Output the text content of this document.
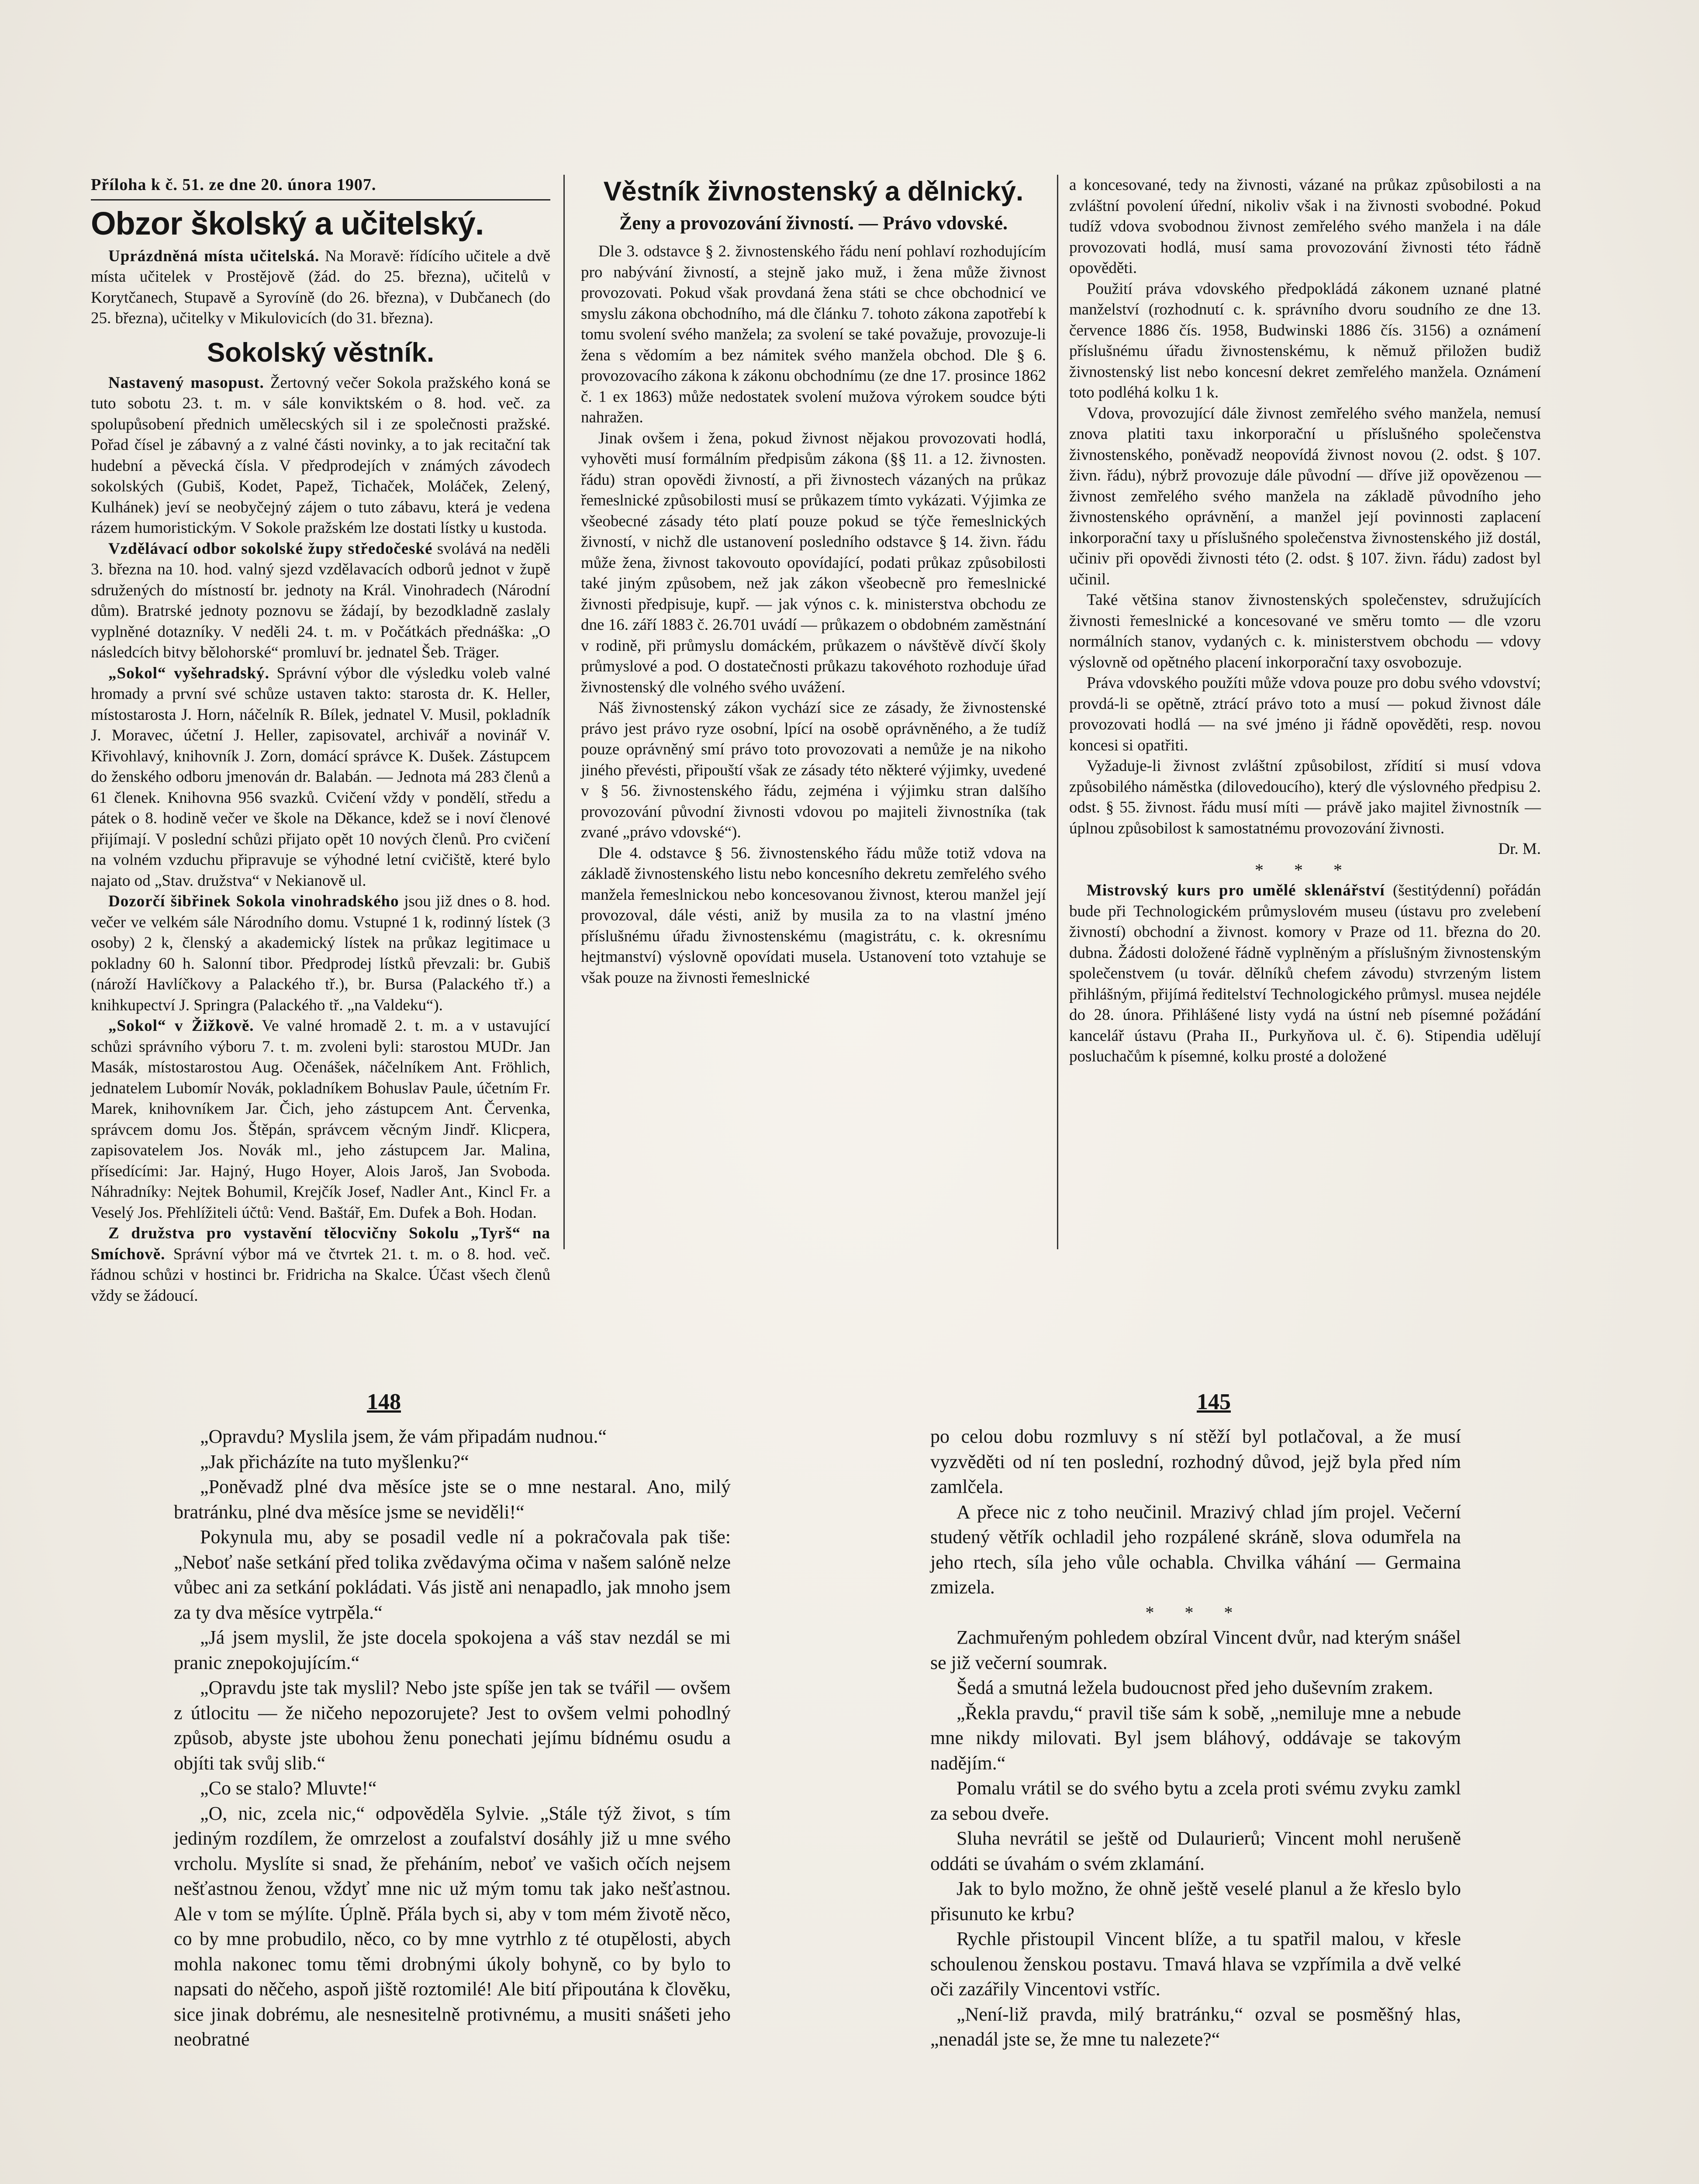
Příloha k č. 51. ze dne 20. února 1907.

Obzor školský a učitelský.

Uprázdněná místa učitelská. Na Moravě: řídícího učitele a dvě místa učitelek v Prostějově (žád. do 25. března), učitelů v Korytčanech, Stupavě a Syrovíně (do 26. března), v Dubčanech (do 25. března), učitelky v Mikulovicích (do 31. března).

Sokolský věstník.

Nastavený masopust. Žertovný večer Sokola pražského koná se tuto sobotu 23. t. m. v sále konviktském o 8. hod. več. za spolupůsobení přednich umělecských sil i ze společnosti pražské. Pořad čísel je zábavný a z valné části novinky, a to jak recitační tak hudební a pěvecká čísla. V předprodejích v známých závodech sokolských (Gubiš, Kodet, Papež, Tichaček, Moláček, Zelený, Kulhánek) jeví se neobyčejný zájem o tuto zábavu, která je vedena rázem humoristickým. V Sokole pražském lze dostati lístky u kustoda.

Vzdělávací odbor sokolské župy středočeské svolává na neděli 3. března na 10. hod. valný sjezd vzdělavacích odborů jednot v župě sdružených do místností br. jednoty na Král. Vinohradech (Národní dům). Bratrské jednoty poznovu se žádají, by bezodkladně zaslaly vyplněné dotazníky. V neděli 24. t. m. v Počátkách přednáška: „O následcích bitvy bělohorské“ promluví br. jednatel Šeb. Träger.

„Sokol“ vyšehradský. Správní výbor dle výsledku voleb valné hromady a první své schůze ustaven takto: starosta dr. K. Heller, místostarosta J. Horn, náčelník R. Bílek, jednatel V. Musil, pokladník J. Moravec, účetní J. Heller, zapisovatel, archivář a novinář V. Křivohlavý, knihovník J. Zorn, domácí správce K. Dušek. Zástupcem do ženského odboru jmenován dr. Balabán. — Jednota má 283 členů a 61 členek. Knihovna 956 svazků. Cvičení vždy v pondělí, středu a pátek o 8. hodině večer ve škole na Děkance, kdež se i noví členové přijímají. V poslední schůzi přijato opět 10 nových členů. Pro cvičení na volném vzduchu připravuje se výhodné letní cvičiště, které bylo najato od „Stav. družstva“ v Nekianově ul.

Dozorčí šibřinek Sokola vinohradského jsou již dnes o 8. hod. večer ve velkém sále Národního domu. Vstupné 1 k, rodinný lístek (3 osoby) 2 k, členský a akademický lístek na průkaz legitimace u pokladny 60 h. Salonní tibor. Předprodej lístků převzali: br. Gubiš (nároží Havlíčkovy a Palackého tř.), br. Bursa (Palackého tř.) a knihkupectví J. Springra (Palackého tř. „na Valdeku“).

„Sokol“ v Žižkově. Ve valné hromadě 2. t. m. a v ustavující schůzi správního výboru 7. t. m. zvoleni byli: starostou MUDr. Jan Masák, místostarostou Aug. Očenášek, náčelníkem Ant. Fröhlich, jednatelem Lubomír Novák, pokladníkem Bohuslav Paule, účetním Fr. Marek, knihovníkem Jar. Čich, jeho zástupcem Ant. Červenka, správcem domu Jos. Štěpán, správcem věcným Jindř. Klicpera, zapisovatelem Jos. Novák ml., jeho zástupcem Jar. Malina, přísedícími: Jar. Hajný, Hugo Hoyer, Alois Jaroš, Jan Svoboda. Náhradníky: Nejtek Bohumil, Krejčík Josef, Nadler Ant., Kincl Fr. a Veselý Jos. Přehlížiteli účtů: Vend. Baštář, Em. Dufek a Boh. Hodan.

Z družstva pro vystavění tělocvičny Sokolu „Tyrš“ na Smíchově. Správní výbor má ve čtvrtek 21. t. m. o 8. hod. več. řádnou schůzi v hostinci br. Fridricha na Skalce. Účast všech členů vždy se žádoucí.

Věstník živnostenský a dělnický.
Ženy a provozování živností. — Právo vdovské.

Dle 3. odstavce § 2. živnostenského řádu není pohlaví rozhodujícím pro nabývání živností, a stejně jako muž, i žena může živnost provozovati. Pokud však provdaná žena státi se chce obchodnicí ve smyslu zákona obchodního, má dle článku 7. tohoto zákona zapotřebí k tomu svolení svého manžela; za svolení se také považuje, provozuje-li žena s vědomím a bez námitek svého manžela obchod. Dle § 6. provozovacího zákona k zákonu obchodnímu (ze dne 17. prosince 1862 č. 1 ex 1863) může nedostatek svolení mužova výrokem soudce býti nahražen.

Jinak ovšem i žena, pokud živnost nějakou provozovati hodlá, vyhověti musí formálním předpisům zákona (§§ 11. a 12. živnosten. řádu) stran opovědi živností, a při živnostech vázaných na průkaz řemeslnické způsobilosti musí se průkazem tímto vykázati. Výjimka ze všeobecné zásady této platí pouze pokud se týče řemeslnických živností, v nichž dle ustanovení posledního odstavce § 14. živn. řádu může žena, živnost takovouto opovídající, podati průkaz způsobilosti také jiným způsobem, než jak zákon všeobecně pro řemeslnické živnosti předpisuje, kupř. — jak výnos c. k. ministerstva obchodu ze dne 16. září 1883 č. 26.701 uvádí — průkazem o obdobném zaměstnání v rodině, při průmyslu domáckém, průkazem o návštěvě dívčí školy průmyslové a pod. O dostatečnosti průkazu takovéhoto rozhoduje úřad živnostenský dle volného svého uvážení.

Náš živnostenský zákon vychází sice ze zásady, že živnostenské právo jest právo ryze osobní, lpící na osobě oprávněného, a že tudíž pouze oprávněný smí právo toto provozovati a nemůže je na nikoho jiného převésti, připouští však ze zásady této některé výjimky, uvedené v § 56. živnostenského řádu, zejména i výjimku stran dalšího provozování původní živnosti vdovou po majiteli živnostníka (tak zvané „právo vdovské“).

Dle 4. odstavce § 56. živnostenského řádu může totiž vdova na základě živnostenského listu nebo koncesního dekretu zemřelého svého manžela řemeslnickou nebo koncesovanou živnost, kterou manžel její provozoval, dále vésti, aniž by musila za to na vlastní jméno příslušnému úřadu živnostenskému (magistrátu, c. k. okresnímu hejtmanství) výslovně opovídati musela. Ustanovení toto vztahuje se však pouze na živnosti řemeslnické

a koncesované, tedy na živnosti, vázané na průkaz způsobilosti a na zvláštní povolení úřední, nikoliv však i na živnosti svobodné. Pokud tudíž vdova svobodnou živnost zemřelého svého manžela i na dále provozovati hodlá, musí sama provozování živnosti této řádně opověděti.

Použití práva vdovského předpokládá zákonem uznané platné manželství (rozhodnutí c. k. správního dvoru soudního ze dne 13. července 1886 čís. 1958, Budwinski 1886 čís. 3156) a oznámení příslušnému úřadu živnostenskému, k němuž přiložen budiž živnostenský list nebo koncesní dekret zemřelého manžela. Oznámení toto podléhá kolku 1 k.

Vdova, provozující dále živnost zemřelého svého manžela, nemusí znova platiti taxu inkorporační u příslušného společenstva živnostenského, poněvadž neopovídá živnost novou (2. odst. § 107. živn. řádu), nýbrž provozuje dále původní — dříve již opovězenou — živnost zemřelého svého manžela na základě původního jeho živnostenského oprávnění, a manžel její povinnosti zaplacení inkorporační taxy u příslušného společenstva živnostenského již dostál, učiniv při opovědi živnosti této (2. odst. § 107. živn. řádu) zadost byl učinil.

Také většina stanov živnostenských společenstev, sdružujících živnosti řemeslnické a koncesované ve směru tomto — dle vzoru normálních stanov, vydaných c. k. ministerstvem obchodu — vdovy výslovně od opětného placení inkorporační taxy osvobozuje.

Práva vdovského použíti může vdova pouze pro dobu svého vdovství; provdá-li se opětně, ztrácí právo toto a musí — pokud živnost dále provozovati hodlá — na své jméno ji řádně opověděti, resp. novou koncesi si opatřiti.

Vyžaduje-li živnost zvláštní způsobilost, zřídití si musí vdova způsobilého náměstka (dilovedoucího), který dle výslovného předpisu 2. odst. § 55. živnost. řádu musí míti — právě jako majitel živnostník — úplnou způsobilost k samostatnému provozování živnosti.

Dr. M.

* * *

Mistrovský kurs pro umělé sklenářství (šestitýdenní) pořádán bude při Technologickém průmyslovém museu (ústavu pro zvelebení živností) obchodní a živnost. komory v Praze od 11. března do 20. dubna. Žádosti doložené řádně vyplněným a příslušným živnostenským společenstvem (u továr. dělníků chefem závodu) stvrzeným listem přihlášným, přijímá ředitelství Technologického průmysl. musea nejdéle do 28. února. Přihlášené listy vydá na ústní neb písemné požádání kancelář ústavu (Praha II., Purkyňova ul. č. 6). Stipendia udělují posluchačům k písemné, kolku prosté a doložené

148	145

„Opravdu? Myslila jsem, že vám připadám nudnou.“

„Jak přicházíte na tuto myšlenku?“

„Poněvadž plné dva měsíce jste se o mne nestaral. Ano, milý bratránku, plné dva měsíce jsme se neviděli!“

Pokynula mu, aby se posadil vedle ní a pokračovala pak tiše: „Neboť naše setkání před tolika zvědavýma očima v našem salóně nelze vůbec ani za setkání pokládati. Vás jistě ani nenapadlo, jak mnoho jsem za ty dva měsíce vytrpěla.“

„Já jsem myslil, že jste docela spokojena a váš stav nezdál se mi pranic znepokojujícím.“

„Opravdu jste tak myslil? Nebo jste spíše jen tak se tvářil — ovšem z útlocitu — že ničeho nepozorujete? Jest to ovšem velmi pohodlný způsob, abyste jste ubohou ženu ponechati jejímu bídnému osudu a objíti tak svůj slib.“

„Co se stalo? Mluvte!“

„O, nic, zcela nic,“ odpověděla Sylvie. „Stále týž život, s tím jediným rozdílem, že omrzelost a zoufalství dosáhly již u mne svého vrcholu. Myslíte si snad, že přeháním, neboť ve vašich očích nejsem nešťastnou ženou, vždyť mne nic už mým tomu tak jako nešťastnou. Ale v tom se mýlíte. Úplně. Přála bych si, aby v tom mém životě něco, co by mne probudilo, něco, co by mne vytrhlo z té otupělosti, abych mohla nakonec tomu těmi drobnými úkoly bohyně, co by bylo to napsati do něčeho, aspoň jiště roztomilé! Ale bití připoutána k člověku, sice jinak dobrému, ale nesnesitelně protivnému, a musiti snášeti jeho neobratné

po celou dobu rozmluvy s ní stěží byl potlačoval, a že musí vyzvěděti od ní ten poslední, rozhodný důvod, jejž byla před ním zamlčela.

A přece nic z toho neučinil. Mrazivý chlad jím projel. Večerní studený větřík ochladil jeho rozpálené skráně, slova odumřela na jeho rtech, síla jeho vůle ochabla. Chvilka váhání — Germaina zmizela.

* * *

Zachmuřeným pohledem obzíral Vincent dvůr, nad kterým snášel se již večerní soumrak.

Šedá a smutná ležela budoucnost před jeho duševním zrakem.

„Řekla pravdu,“ pravil tiše sám k sobě, „nemiluje mne a nebude mne nikdy milovati. Byl jsem bláhový, oddávaje se takovým nadějím.“

Pomalu vrátil se do svého bytu a zcela proti svému zvyku zamkl za sebou dveře.

Sluha nevrátil se ještě od Dulaurierů; Vincent mohl nerušeně oddáti se úvahám o svém zklamání.

Jak to bylo možno, že ohně ještě veselé planul a že křeslo bylo přisunuto ke krbu?

Rychle přistoupil Vincent blíže, a tu spatřil malou, v křesle schoulenou ženskou postavu. Tmavá hlava se vzpřímila a dvě velké oči zazářily Vincentovi vstříc.

„Není-liž pravda, milý bratránku,“ ozval se posměšný hlas, „nenadál jste se, že mne tu nalezete?“
